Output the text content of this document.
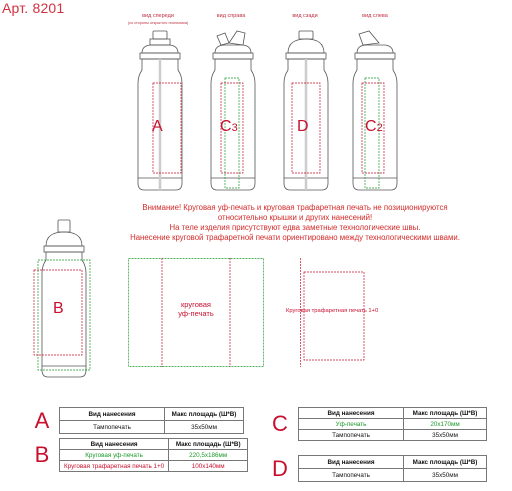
Арт. 8201	вид спереди
(со стороны открытого поильника)
вид справа	вид сзади	вид слева
A	C3	D	C2
Внимание! Круговая уф-печать и круговая трафаретная печать не позиционируются
относительно крышки и других нанесений!
На теле изделия присутствуют едва заметные технологические швы.
Нанесение круговой трафаретной печати ориентировано между технологическими швами.
B	круговая
уф-печать	Круговая трафаретная печать 1+0
A	Вид нанесения	Макс площадь (Ш*В)
	Тампопечать	35x50мм
B	Вид нанесения	Макс площадь (Ш*В)
	Круговая уф-печать	220,5x186мм
	Круговая трафаретная печать 1+0	100x140мм
C	Вид нанесения	Макс площадь (Ш*В)
	Уф-печать	20x170мм
	Тампопечать	35x50мм
D	Вид нанесения	Макс площадь (Ш*В)
	Тампопечать	35x50мм
